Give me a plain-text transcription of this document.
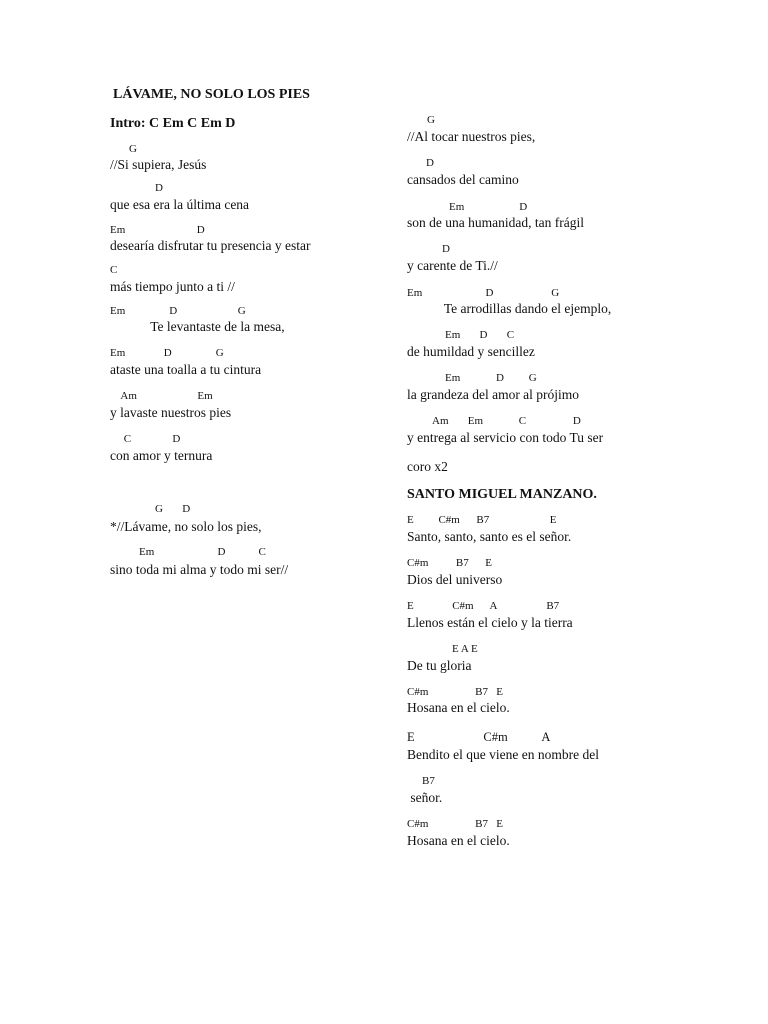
LÁVAME, NO SOLO LOS PIES
Intro: C Em C Em D
G
//Si supiera, Jesús
D
que esa era la última cena
Em                          D
desearía disfrutar tu presencia y estar
C
más tiempo junto a ti //
Em                D                      G
Te levantaste de la mesa,
Em              D                G
ataste una toalla a tu cintura
Am                      Em
y lavaste nuestros pies
C               D
con amor y ternura
G       D
*//Lávame, no solo los pies,
Em                       D            C
sino toda mi alma y todo mi ser//
G
//Al tocar nuestros pies,
D
cansados del camino
Em                    D
son de una humanidad, tan frágil
D
y carente de Ti.//
Em                       D                     G
Te arrodillas dando el ejemplo,
Em       D       C
de humildad y sencillez
Em             D         G
la grandeza del amor al prójimo
Am       Em             C                 D
y entrega al servicio con todo Tu ser
coro x2
SANTO MIGUEL MANZANO.
E         C#m      B7                      E
Santo, santo, santo es el señor.
C#m          B7      E
Dios del universo
E              C#m      A                  B7
Llenos están el cielo y la tierra
E A E
De tu gloria
C#m                 B7   E
Hosana en el cielo.
E                      C#m           A
Bendito el que viene en nombre del
B7
señor.
C#m                 B7   E
Hosana en el cielo.
